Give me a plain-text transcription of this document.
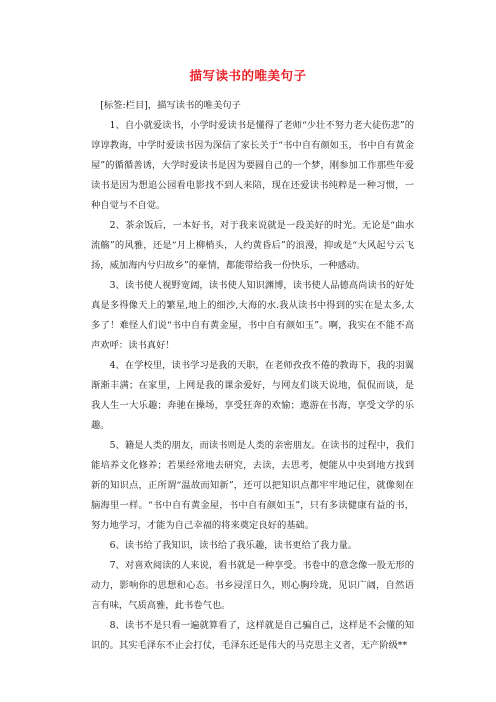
描写读书的唯美句子

[标签:栏目]，描写读书的唯美句子

1、自小就爱读书，小学时爱读书是懂得了老师“少壮不努力老大徒伤悲”的谆谆教诲，中学时爱读书因为深信了家长关于“书中自有颜如玉，书中自有黄金屋”的循循善诱，大学时爱读书是因为要圆自己的一个梦，刚参加工作那些年爱读书是因为想追公园看电影找不到人来陪，现在还爱读书纯粹是一种习惯，一种自觉与不自觉。

2、茶余饭后，一本好书，对于我来说就是一段美好的时光。无论是“曲水流觞”的风雅，还是“月上柳梢头，人约黄昏后”的浪漫，抑或是“大风起兮云飞扬，威加海内兮归故乡”的豪情，都能带给我一份快乐，一种感动。

3、读书使人视野宽阔，读书使人知识渊博，读书使人品德高尚读书的好处真是多得像天上的繁星,地上的细沙,大海的水.我从读书中得到的实在是太多,太多了！难怪人们说“书中自有黄金屋，书中自有颜如玉”。啊，我实在不能不高声欢呼：读书真好！

4、在学校里，读书学习是我的天职，在老师孜孜不倦的教诲下，我的羽翼渐渐丰满；在家里，上网是我的课余爱好，与网友们谈天说地，侃侃而谈，是我人生一大乐趣；奔驰在操场，享受狂奔的欢愉；遨游在书海，享受文学的乐趣。

5、籍是人类的朋友，而读书则是人类的亲密朋友。在读书的过程中，我们能培养文化修养；若果经常地去研究，去读，去思考，便能从中央到地方找到新的知识点，正所谓“温故而知新”，还可以把知识点都牢牢地记住，就像刻在脑海里一样。“书中自有黄金屋，书中自有颜如玉”，只有多读健康有益的书，努力地学习，才能为自己幸福的将来奠定良好的基础。

6、读书给了我知识，读书给了我乐趣，读书更给了我力量。

7、对喜欢阅读的人来说，看书就是一种享受。书卷中的意念像一股无形的动力，影响你的思想和心态。书乡浸淫日久，则心胸玲珑，见识广阔，自然语言有味，气质高雅，此书卷气也。

8、读书不是只看一遍就算看了，这样就是自己骗自己，这样是不会懂的知识的。其实毛泽东不止会打仗，毛泽东还是伟大的马克思主义者，无产阶级**
